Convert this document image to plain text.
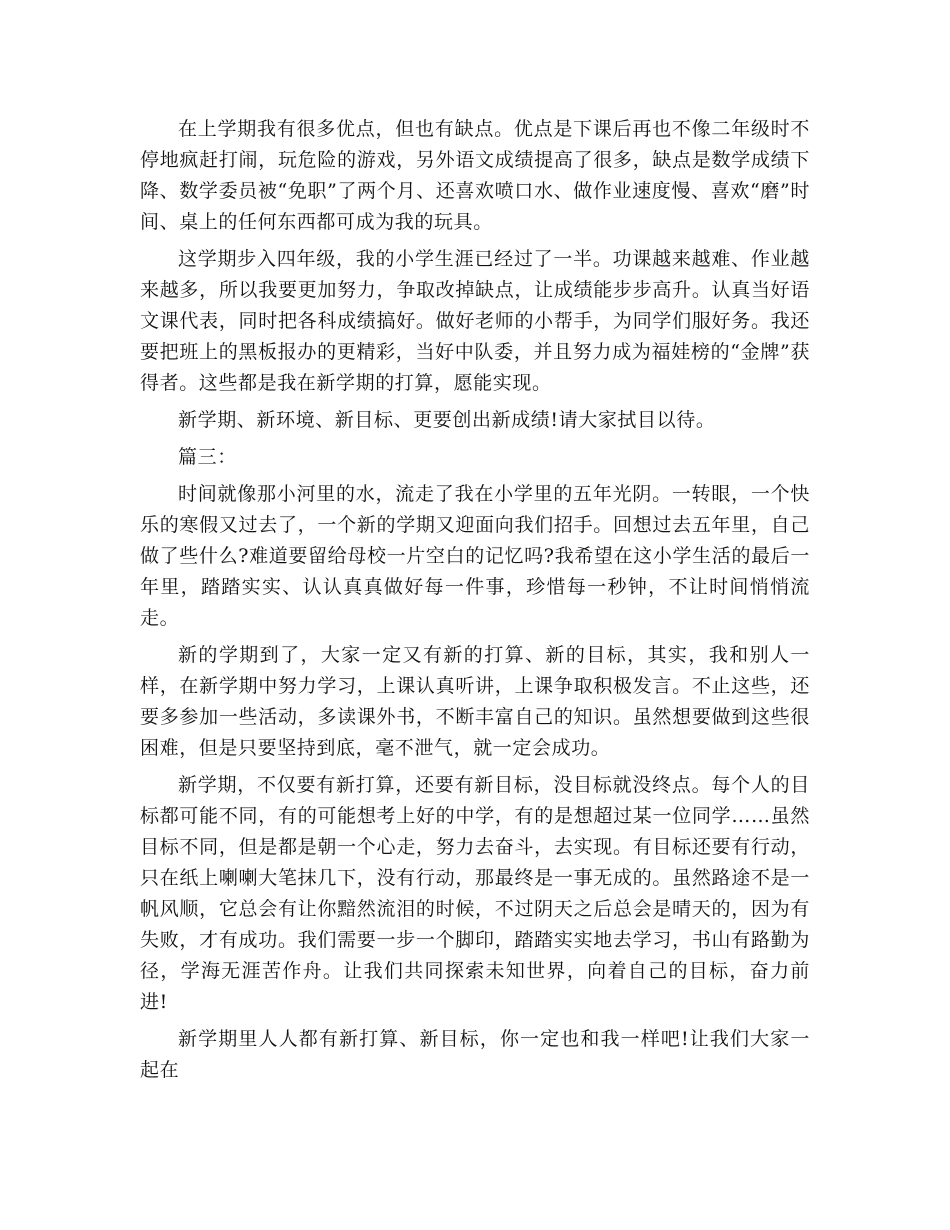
在上学期我有很多优点，但也有缺点。优点是下课后再也不像二年级时不停地疯赶打闹，玩危险的游戏，另外语文成绩提高了很多，缺点是数学成绩下降、数学委员被“免职”了两个月、还喜欢喷口水、做作业速度慢、喜欢“磨”时间、桌上的任何东西都可成为我的玩具。

这学期步入四年级，我的小学生涯已经过了一半。功课越来越难、作业越来越多，所以我要更加努力，争取改掉缺点，让成绩能步步高升。认真当好语文课代表，同时把各科成绩搞好。做好老师的小帮手，为同学们服好务。我还要把班上的黑板报办的更精彩，当好中队委，并且努力成为福娃榜的“金牌”获得者。这些都是我在新学期的打算，愿能实现。

新学期、新环境、新目标、更要创出新成绩!请大家拭目以待。

篇三：

时间就像那小河里的水，流走了我在小学里的五年光阴。一转眼，一个快乐的寒假又过去了，一个新的学期又迎面向我们招手。回想过去五年里，自己做了些什么?难道要留给母校一片空白的记忆吗?我希望在这小学生活的最后一年里，踏踏实实、认认真真做好每一件事，珍惜每一秒钟，不让时间悄悄流走。

新的学期到了，大家一定又有新的打算、新的目标，其实，我和别人一样，在新学期中努力学习，上课认真听讲，上课争取积极发言。不止这些，还要多参加一些活动，多读课外书，不断丰富自己的知识。虽然想要做到这些很困难，但是只要坚持到底，毫不泄气，就一定会成功。

新学期，不仅要有新打算，还要有新目标，没目标就没终点。每个人的目标都可能不同，有的可能想考上好的中学，有的是想超过某一位同学……虽然目标不同，但是都是朝一个心走，努力去奋斗，去实现。有目标还要有行动，只在纸上喇喇大笔抹几下，没有行动，那最终是一事无成的。虽然路途不是一帆风顺，它总会有让你黯然流泪的时候，不过阴天之后总会是晴天的，因为有失败，才有成功。我们需要一步一个脚印，踏踏实实地去学习，书山有路勤为径，学海无涯苦作舟。让我们共同探索未知世界，向着自己的目标，奋力前进!

新学期里人人都有新打算、新目标，你一定也和我一样吧!让我们大家一起在
